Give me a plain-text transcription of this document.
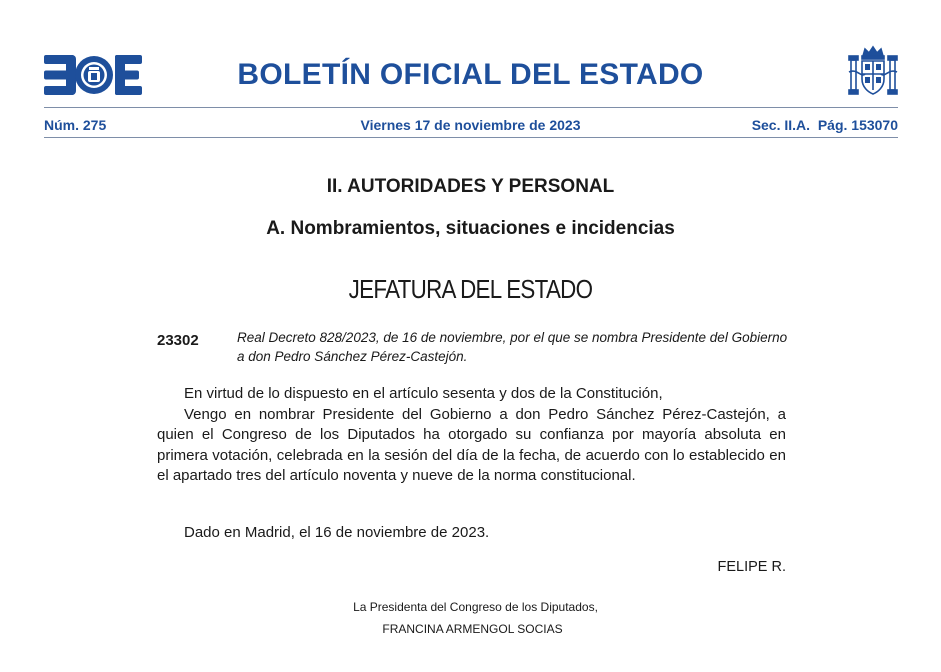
BOLETÍN OFICIAL DEL ESTADO
Núm. 275	Viernes 17 de noviembre de 2023	Sec. II.A.  Pág. 153070
II. AUTORIDADES Y PERSONAL
A. Nombramientos, situaciones e incidencias
JEFATURA DEL ESTADO
23302	Real Decreto 828/2023, de 16 de noviembre, por el que se nombra Presidente del Gobierno a don Pedro Sánchez Pérez-Castejón.

En virtud de lo dispuesto en el artículo sesenta y dos de la Constitución,

Vengo en nombrar Presidente del Gobierno a don Pedro Sánchez Pérez-Castejón, a quien el Congreso de los Diputados ha otorgado su confianza por mayoría absoluta en primera votación, celebrada en la sesión del día de la fecha, de acuerdo con lo establecido en el apartado tres del artículo noventa y nueve de la norma constitucional.

Dado en Madrid, el 16 de noviembre de 2023.
FELIPE R.
La Presidenta del Congreso de los Diputados,
FRANCINA ARMENGOL SOCIAS
